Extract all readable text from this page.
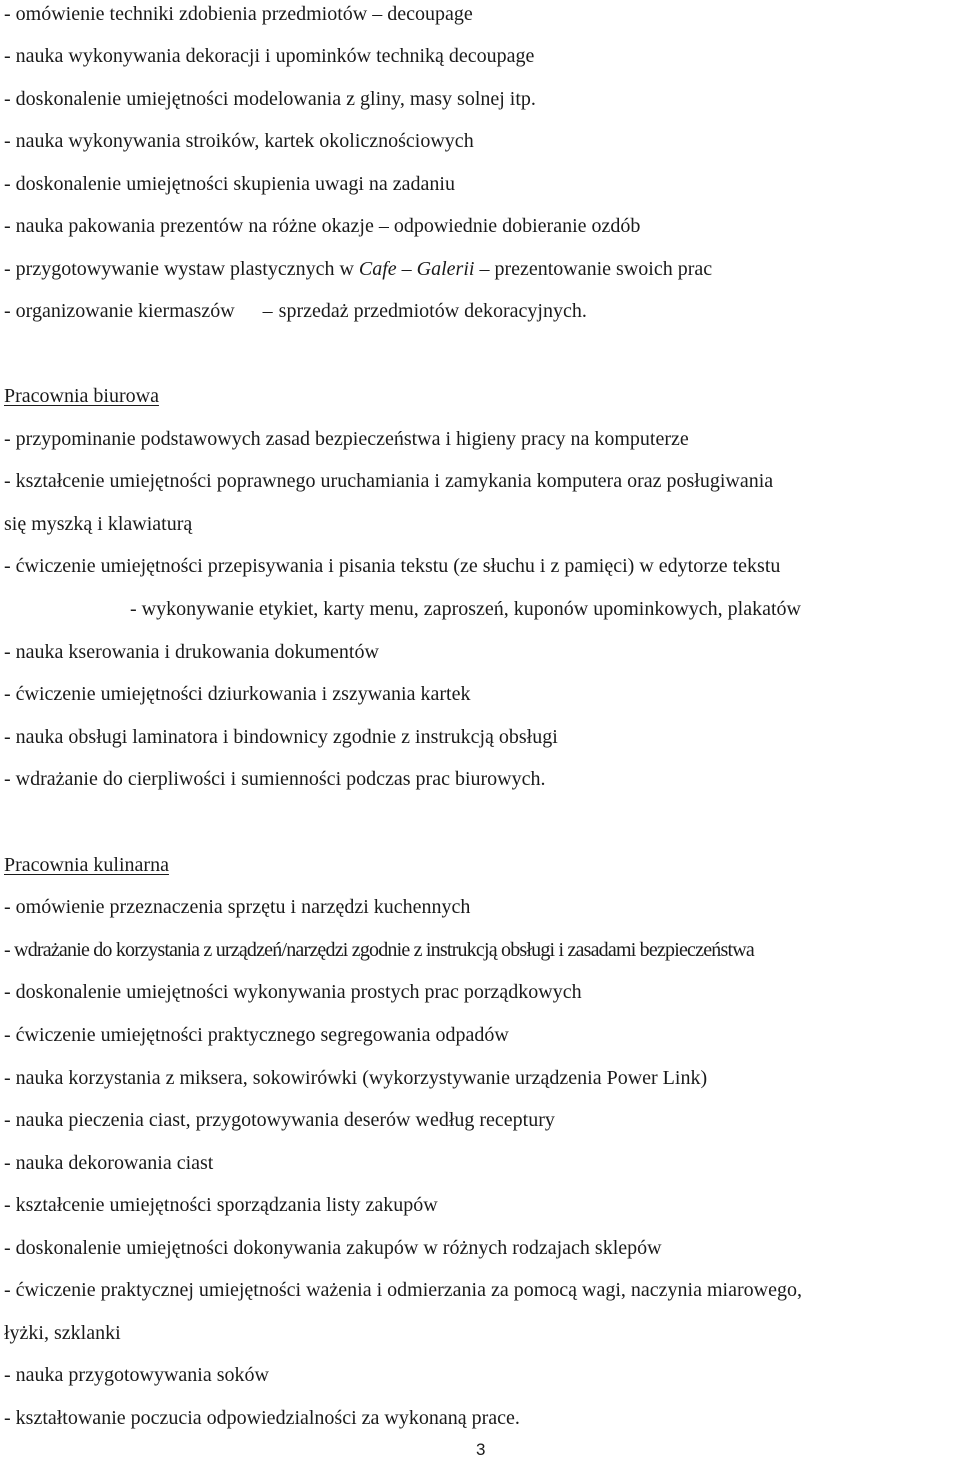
- omówienie techniki zdobienia przedmiotów – decoupage
- nauka wykonywania dekoracji i upominków techniką decoupage
- doskonalenie umiejętności modelowania z gliny, masy solnej itp.
- nauka wykonywania stroików, kartek okolicznościowych
- doskonalenie umiejętności skupienia uwagi na zadaniu
- nauka pakowania prezentów na różne okazje – odpowiednie dobieranie ozdób
- przygotowywanie wystaw plastycznych w Cafe – Galerii – prezentowanie swoich prac
- organizowanie kiermaszów – sprzedaż przedmiotów dekoracyjnych.
Pracownia biurowa
- przypominanie podstawowych zasad bezpieczeństwa i higieny pracy na komputerze
- kształcenie umiejętności poprawnego uruchamiania i zamykania komputera oraz posługiwania
się myszką i klawiaturą
- ćwiczenie umiejętności przepisywania i pisania tekstu (ze słuchu i z pamięci) w edytorze tekstu
- wykonywanie etykiet, karty menu, zaproszeń, kuponów upominkowych, plakatów
- nauka kserowania i drukowania dokumentów
- ćwiczenie umiejętności dziurkowania i zszywania kartek
- nauka obsługi laminatora i bindownicy zgodnie z instrukcją obsługi
- wdrażanie do cierpliwości i sumienności podczas prac biurowych.
Pracownia kulinarna
- omówienie przeznaczenia sprzętu i narzędzi kuchennych
- wdrażanie do korzystania z urządzeń/narzędzi zgodnie z instrukcją obsługi i zasadami bezpieczeństwa
- doskonalenie umiejętności wykonywania prostych prac porządkowych
- ćwiczenie umiejętności praktycznego segregowania odpadów
- nauka korzystania z miksera, sokowirówki (wykorzystywanie urządzenia Power Link)
- nauka pieczenia ciast, przygotowywania deserów według receptury
- nauka dekorowania ciast
- kształcenie umiejętności sporządzania listy zakupów
- doskonalenie umiejętności dokonywania zakupów w różnych rodzajach sklepów
- ćwiczenie praktycznej umiejętności ważenia i odmierzania za pomocą wagi, naczynia miarowego,
łyżki, szklanki
- nauka przygotowywania soków
- kształtowanie poczucia odpowiedzialności za wykonaną prace.
3
